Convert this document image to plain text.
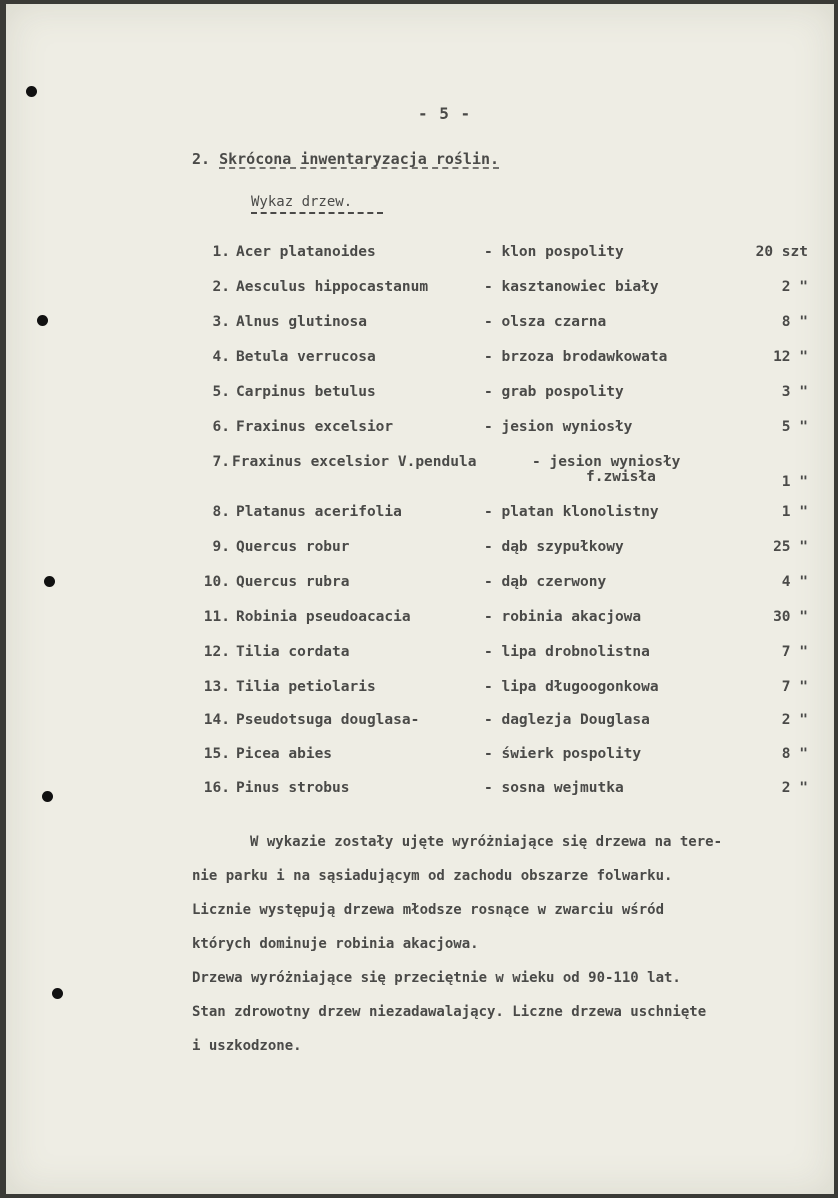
- 5 -
2. Skrócona inwentaryzacja roślin.
Wykaz drzew.
1. Acer platanoides	- klon pospolity	20 szt
2. Aesculus hippocastanum	- kasztanowiec biały	2 "
3. Alnus glutinosa	- olsza czarna	8 "
4. Betula verrucosa	- brzoza brodawkowata	12 "
5. Carpinus betulus	- grab pospolity	3 "
6. Fraxinus excelsior	- jesion wyniosły	5 "
7. Fraxinus excelsior V.pendula	- jesion wyniosły
f.zwisła	1 "
8. Platanus acerifolia	- platan klonolistny	1 "
9. Quercus robur	- dąb szypułkowy	25 "
10. Quercus rubra	- dąb czerwony	4 "
11. Robinia pseudoacacia	- robinia akacjowa	30 "
12. Tilia cordata	- lipa drobnolistna	7 "
13. Tilia petiolaris	- lipa długoogonkowa	7 "
14. Pseudotsuga douglasa-	- daglezja Douglasa	2 "
15. Picea abies	- świerk pospolity	8 "
16. Pinus strobus	- sosna wejmutka	2 "
W wykazie zostały ujęte wyróżniające się drzewa na tere-
nie parku i na sąsiadującym od zachodu obszarze folwarku.
Licznie występują drzewa młodsze rosnące w zwarciu wśród
których dominuje robinia akacjowa.
Drzewa wyróżniające się przeciętnie w wieku od 90-110 lat.
Stan zdrowotny drzew niezadawalający. Liczne drzewa uschnięte
i uszkodzone.
